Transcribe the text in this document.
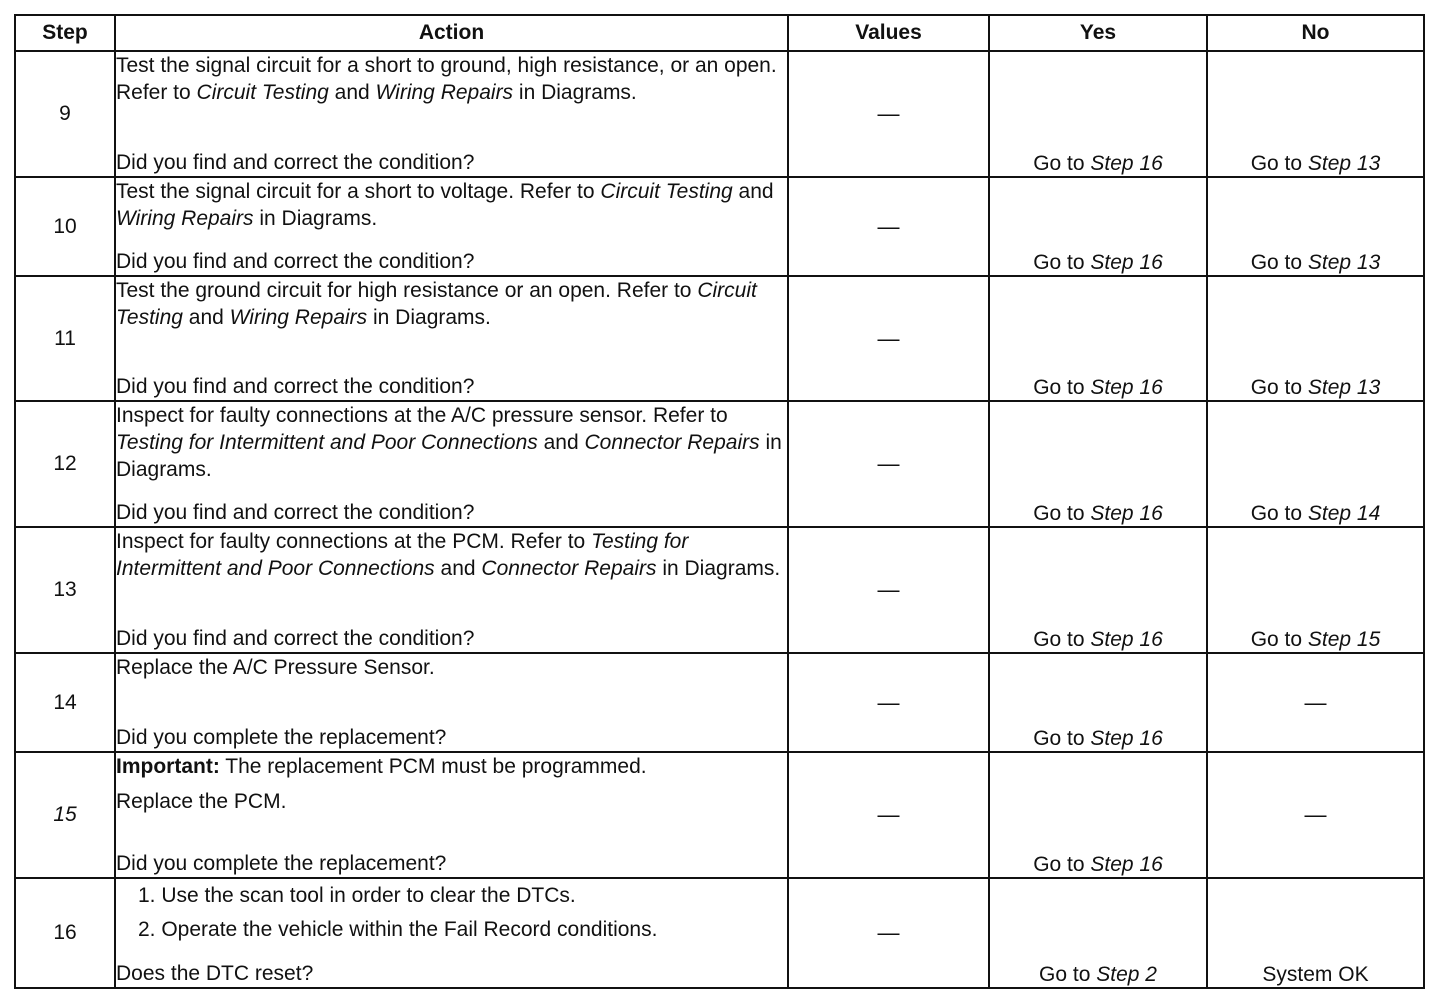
Step	Action	Values	Yes	No
9	Test the signal circuit for a short to ground, high resistance, or an open. Refer to Circuit Testing and Wiring Repairs in Diagrams.
Did you find and correct the condition?	—	Go to Step 16	Go to Step 13
10	Test the signal circuit for a short to voltage. Refer to Circuit Testing and Wiring Repairs in Diagrams.
Did you find and correct the condition?	—	Go to Step 16	Go to Step 13
11	Test the ground circuit for high resistance or an open. Refer to Circuit Testing and Wiring Repairs in Diagrams.
Did you find and correct the condition?	—	Go to Step 16	Go to Step 13
12	Inspect for faulty connections at the A/C pressure sensor. Refer to Testing for Intermittent and Poor Connections and Connector Repairs in Diagrams.
Did you find and correct the condition?	—	Go to Step 16	Go to Step 14
13	Inspect for faulty connections at the PCM. Refer to Testing for Intermittent and Poor Connections and Connector Repairs in Diagrams.
Did you find and correct the condition?	—	Go to Step 16	Go to Step 15
14	Replace the A/C Pressure Sensor.
Did you complete the replacement?	—	Go to Step 16	—
15	Important: The replacement PCM must be programmed.
Replace the PCM.
Did you complete the replacement?	—	Go to Step 16	—
16	1. Use the scan tool in order to clear the DTCs.
2. Operate the vehicle within the Fail Record conditions.
Does the DTC reset?	—	Go to Step 2	System OK
